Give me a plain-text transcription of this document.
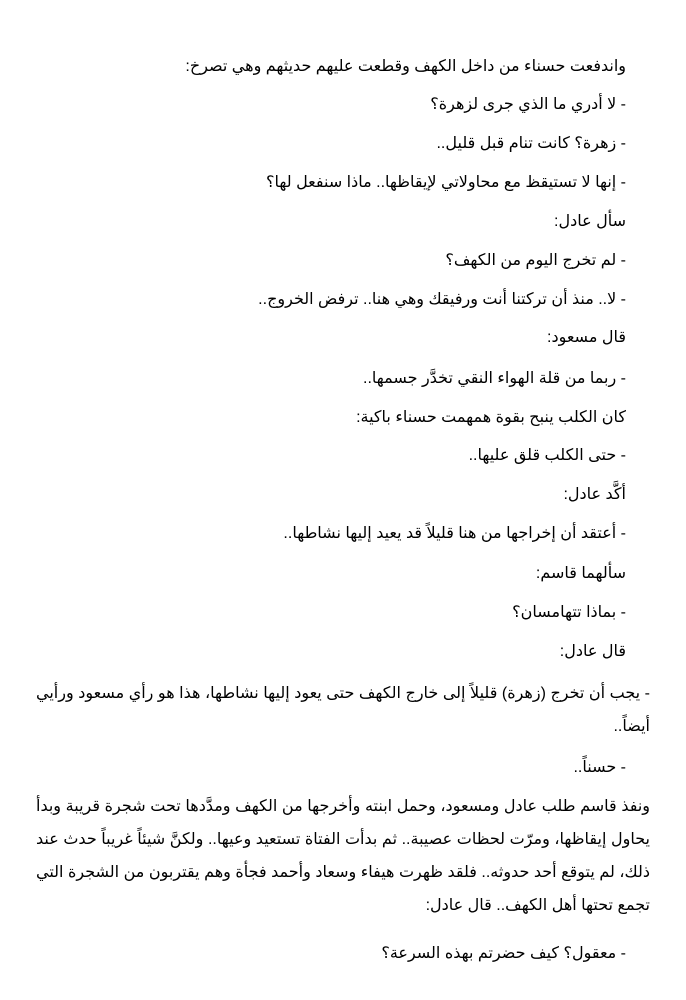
واندفعت حسناء من داخل الكهف وقطعت عليهم حديثهم وهي تصرخ:
- لا أدري ما الذي جرى لزهرة؟
- زهرة؟ كانت تنام قبل قليل..
- إنها لا تستيقظ مع محاولاتي لإيقاظها.. ماذا سنفعل لها؟
سأل عادل:
- لم تخرج اليوم من الكهف؟
- لا.. منذ أن تركتنا أنت ورفيقك وهي هنا.. ترفض الخروج..
قال مسعود:
- ربما من قلة الهواء النقي تخدَّر جسمها..
كان الكلب ينبح بقوة همهمت حسناء باكية:
- حتى الكلب قلق عليها..
أكَّد عادل:
- أعتقد أن إخراجها من هنا قليلاً قد يعيد إليها نشاطها..
سألهما قاسم:
- بماذا تتهامسان؟
قال عادل:
- يجب أن تخرج (زهرة) قليلاً إلى خارج الكهف حتى يعود إليها نشاطها، هذا هو رأي مسعود ورأيي أيضاً..
- حسناً..
ونفذ قاسم طلب عادل ومسعود، وحمل ابنته وأخرجها من الكهف ومدَّدها تحت شجرة قريبة وبدأ يحاول إيقاظها، ومرّت لحظات عصيبة.. ثم بدأت الفتاة تستعيد وعيها.. ولكنَّ شيئاً غريباً حدث عند ذلك، لم يتوقع أحد حدوثه.. فلقد ظهرت هيفاء وسعاد وأحمد فجأة وهم يقتربون من الشجرة التي تجمع تحتها أهل الكهف.. قال عادل:
- معقول؟ كيف حضرتم بهذه السرعة؟
